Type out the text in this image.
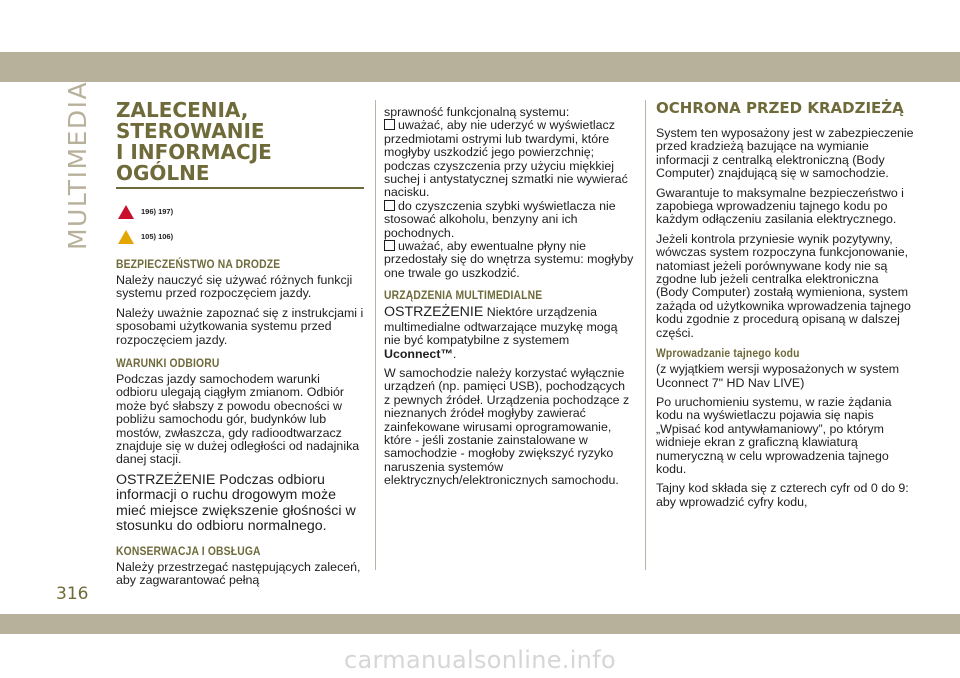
MULTIMEDIA ZALECENIA, STEROWANIE
I INFORMACJE OGÓLNE
196) 197)
105) 106)
BEZPIECZEŃSTWO NA DRODZE

Należy nauczyć się używać różnych funkcji systemu przed rozpoczęciem jazdy.

Należy uważnie zapoznać się z instrukcjami i sposobami użytkowania systemu przed rozpoczęciem jazdy.

WARUNKI ODBIORU

Podczas jazdy samochodem warunki odbioru ulegają ciągłym zmianom. Odbiór może być słabszy z powodu obecności w pobliżu samochodu gór, budynków lub mostów, zwłaszcza, gdy radioodtwarzacz znajduje się w dużej odległości od nadajnika danej stacji.

OSTRZEŻENIE Podczas odbioru informacji o ruchu drogowym może mieć miejsce zwiększenie głośności w stosunku do odbioru normalnego.

KONSERWACJA I OBSŁUGA

Należy przestrzegać następujących zaleceń, aby zagwarantować pełną

sprawność funkcjonalną systemu:

uważać, aby nie uderzyć w wyświetlacz przedmiotami ostrymi lub twardymi, które mogłyby uszkodzić jego powierzchnię; podczas czyszczenia przy użyciu miękkiej suchej i antystatycznej szmatki nie wywierać nacisku.

do czyszczenia szybki wyświetlacza nie stosować alkoholu, benzyny ani ich pochodnych.

uważać, aby ewentualne płyny nie przedostały się do wnętrza systemu: mogłyby one trwale go uszkodzić.

URZĄDZENIA MULTIMEDIALNE

OSTRZEŻENIE Niektóre urządzenia multimedialne odtwarzające muzykę mogą nie być kompatybilne z systemem Uconnect™.

W samochodzie należy korzystać wyłącznie urządzeń (np. pamięci USB), pochodzących z pewnych źródeł. Urządzenia pochodzące z nieznanych źródeł mogłyby zawierać zainfekowane wirusami oprogramowanie, które - jeśli zostanie zainstalowane w samochodzie - mogłoby zwiększyć ryzyko naruszenia systemów elektrycznych/elektronicznych samochodu.

OCHRONA PRZED KRADZIEŻĄ

System ten wyposażony jest w zabezpieczenie przed kradzieżą bazujące na wymianie informacji z centralką elektroniczną (Body Computer) znajdującą się w samochodzie.

Gwarantuje to maksymalne bezpieczeństwo i zapobiega wprowadzeniu tajnego kodu po każdym odłączeniu zasilania elektrycznego.

Jeżeli kontrola przyniesie wynik pozytywny, wówczas system rozpoczyna funkcjonowanie, natomiast jeżeli porównywane kody nie są zgodne lub jeżeli centralka elektroniczna (Body Computer) zostałą wymieniona, system zażąda od użytkownika wprowadzenia tajnego kodu zgodnie z procedurą opisaną w dalszej części.

Wprowadzanie tajnego kodu

(z wyjątkiem wersji wyposażonych w system Uconnect 7" HD Nav LIVE)

Po uruchomieniu systemu, w razie żądania kodu na wyświetlaczu pojawia się napis „Wpisać kod antywłamaniowy”, po którym widnieje ekran z graficzną klawiaturą numeryczną w celu wprowadzenia tajnego kodu.

Tajny kod składa się z czterech cyfr od 0 do 9: aby wprowadzić cyfry kodu,

316
carmanualsonline.info
